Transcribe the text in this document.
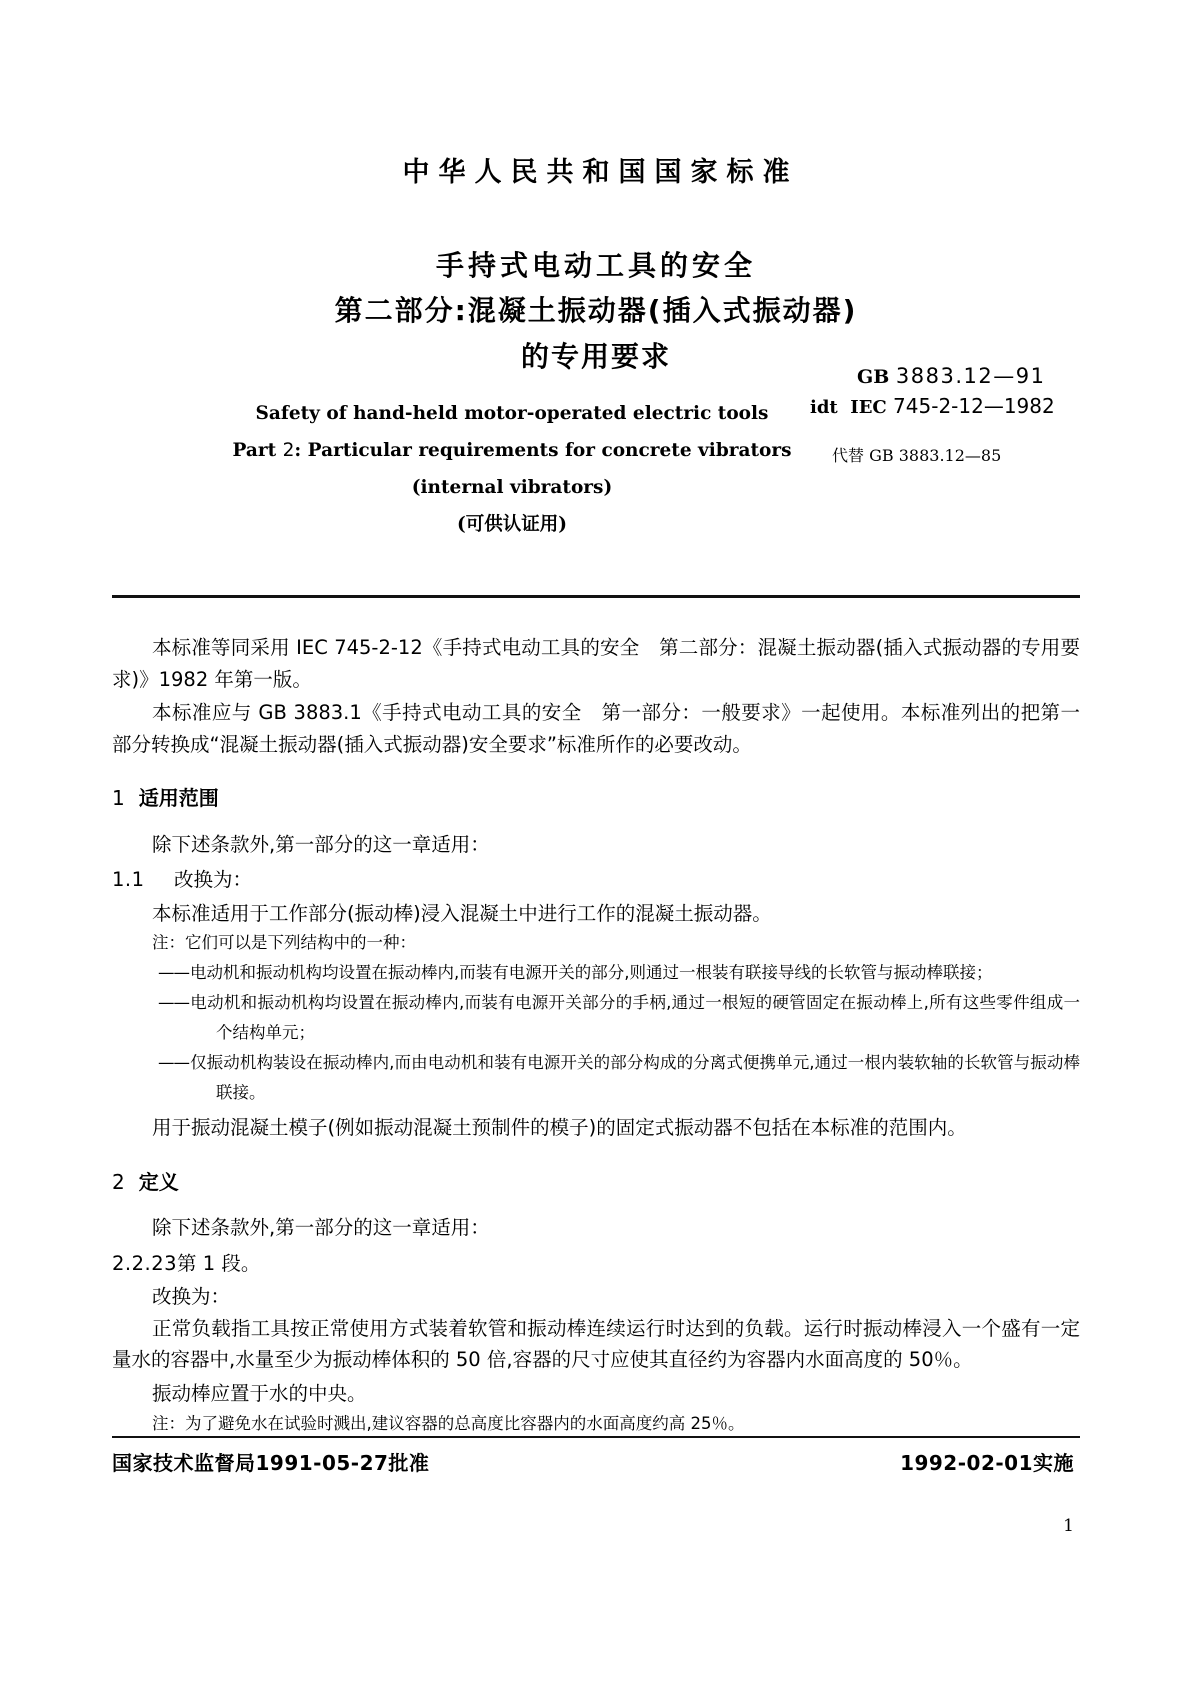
中华人民共和国国家标准
手持式电动工具的安全
第二部分:混凝土振动器(插入式振动器)
的专用要求
Safety of hand-held motor-operated electric tools
Part 2: Particular requirements for concrete vibrators
(internal vibrators)
(可供认证用)
GB 3883.12—91
idt IEC 745-2-12—1982
代替 GB 3883.12—85
本标准等同采用 IEC 745-2-12《手持式电动工具的安全　第二部分：混凝土振动器(插入式振动器的专用要求)》1982 年第一版。
本标准应与 GB 3883.1《手持式电动工具的安全　第一部分：一般要求》一起使用。本标准列出的把第一部分转换成“混凝土振动器(插入式振动器)安全要求”标准所作的必要改动。
1 适用范围
除下述条款外,第一部分的这一章适用：
1.1 改换为：
本标准适用于工作部分(振动棒)浸入混凝土中进行工作的混凝土振动器。
注：它们可以是下列结构中的一种：
——电动机和振动机构均设置在振动棒内,而装有电源开关的部分,则通过一根装有联接导线的长软管与振动棒联接；
——电动机和振动机构均设置在振动棒内,而装有电源开关部分的手柄,通过一根短的硬管固定在振动棒上,所有这些零件组成一个结构单元；
——仅振动机构装设在振动棒内,而由电动机和装有电源开关的部分构成的分离式便携单元,通过一根内装软轴的长软管与振动棒联接。
用于振动混凝土模子(例如振动混凝土预制件的模子)的固定式振动器不包括在本标准的范围内。
2 定义
除下述条款外,第一部分的这一章适用：
2.2.23第 1 段。
改换为：
正常负载指工具按正常使用方式装着软管和振动棒连续运行时达到的负载。运行时振动棒浸入一个盛有一定量水的容器中,水量至少为振动棒体积的 50 倍,容器的尺寸应使其直径约为容器内水面高度的 50％。
振动棒应置于水的中央。
注：为了避免水在试验时溅出,建议容器的总高度比容器内的水面高度约高 25％。
国家技术监督局1991-05-27批准	1992-02-01实施
1
